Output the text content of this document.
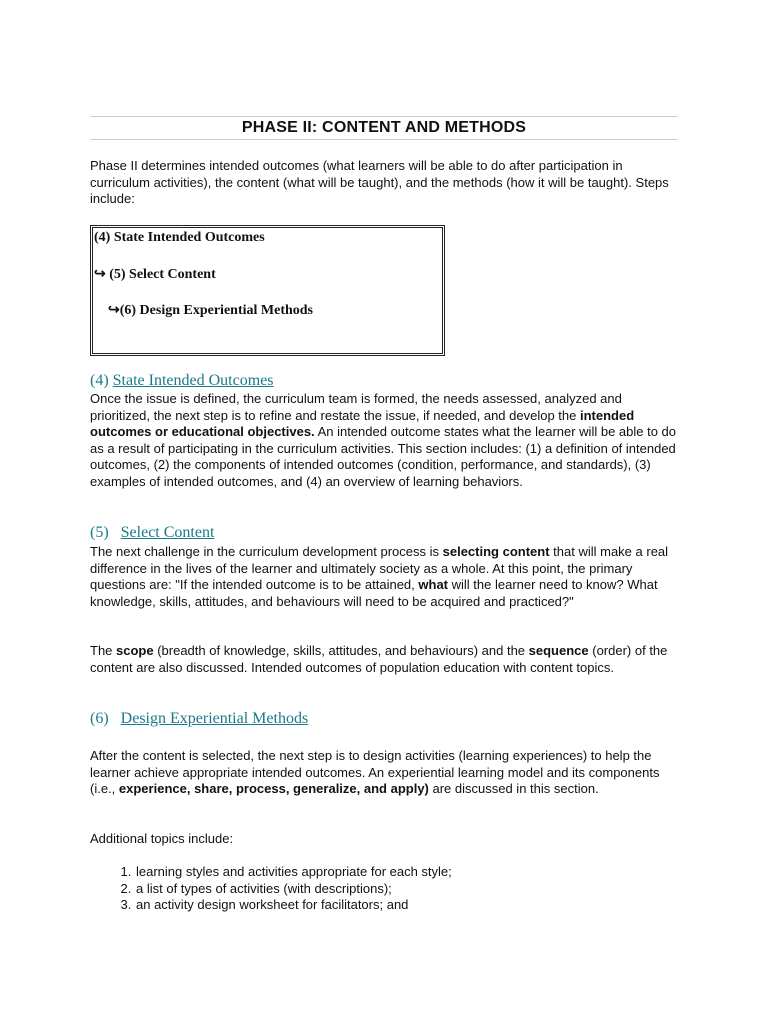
PHASE II: CONTENT AND METHODS
Phase II determines intended outcomes (what learners will be able to do after participation in curriculum activities), the content (what will be taught), and the methods (how it will be taught). Steps include:
(4) State Intended Outcomes
↪ (5) Select Content
↪(6) Design Experiential Methods
(4) State Intended Outcomes
Once the issue is defined, the curriculum team is formed, the needs assessed, analyzed and prioritized, the next step is to refine and restate the issue, if needed, and develop the intended outcomes or educational objectives. An intended outcome states what the learner will be able to do as a result of participating in the curriculum activities. This section includes: (1) a definition of intended outcomes, (2) the components of intended outcomes (condition, performance, and standards), (3) examples of intended outcomes, and (4) an overview of learning behaviors.
(5)   Select Content
The next challenge in the curriculum development process is selecting content that will make a real difference in the lives of the learner and ultimately society as a whole. At this point, the primary questions are: "If the intended outcome is to be attained, what will the learner need to know? What knowledge, skills, attitudes, and behaviours will need to be acquired and practiced?"
The scope (breadth of knowledge, skills, attitudes, and behaviours) and the sequence (order) of the content are also discussed. Intended outcomes of population education with content topics.
(6)   Design Experiential Methods
After the content is selected, the next step is to design activities (learning experiences) to help the learner achieve appropriate intended outcomes. An experiential learning model and its components (i.e., experience, share, process, generalize, and apply) are discussed in this section.
Additional topics include:
1. learning styles and activities appropriate for each style;
2. a list of types of activities (with descriptions);
3. an activity design worksheet for facilitators; and
